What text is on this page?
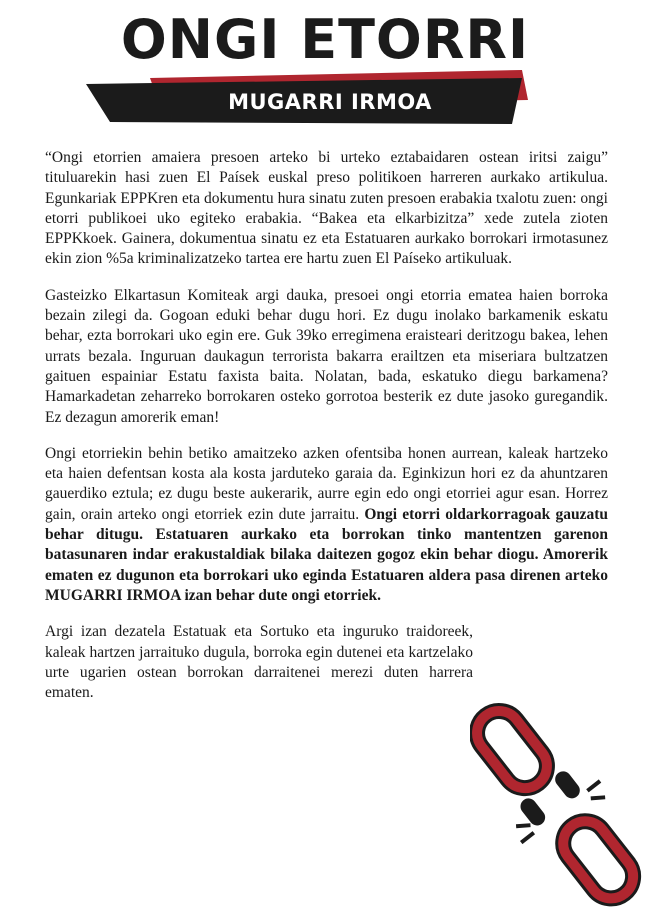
ONGI ETORRI
MUGARRI IRMOA

“Ongi etorrien amaiera presoen arteko bi urteko eztabaidaren ostean iritsi zaigu” tituluarekin hasi zuen El Paísek euskal preso politikoen harreren aurkako artikulua. Egunkariak EPPKren eta dokumentu hura sinatu zuten presoen erabakia txalotu zuen: ongi etorri publikoei uko egiteko erabakia. “Bakea eta elkarbizitza” xede zutela zioten EPPKkoek. Gainera, dokumentua sinatu ez eta Estatuaren aurkako borrokari irmotasunez ekin zion %5a kriminalizatzeko tartea ere hartu zuen El Paíseko artikuluak.

Gasteizko Elkartasun Komiteak argi dauka, presoei ongi etorria ematea haien borroka bezain zilegi da. Gogoan eduki behar dugu hori. Ez dugu inolako barkamenik eskatu behar, ezta borrokari uko egin ere. Guk 39ko erregimena eraisteari deritzogu bakea, lehen urrats bezala. Inguruan daukagun terrorista bakarra erailtzen eta miseriara bultzatzen gaituen espainiar Estatu faxista baita. Nolatan, bada, eskatuko diegu barkamena? Hamarkadetan zeharreko borrokaren osteko gorrotoa besterik ez dute jasoko guregandik. Ez dezagun amorerik eman!

Ongi etorriekin behin betiko amaitzeko azken ofentsiba honen aurrean, kaleak hartzeko eta haien defentsan kosta ala kosta jarduteko garaia da. Eginkizun hori ez da ahuntzaren gauerdiko eztula; ez dugu beste aukerarik, aurre egin edo ongi etorriei agur esan. Horrez gain, orain arteko ongi etorriek ezin dute jarraitu. Ongi etorri oldarkorragoak gauzatu behar ditugu. Estatuaren aurkako eta borrokan tinko mantentzen garenon batasunaren indar erakustaldiak bilaka daitezen gogoz ekin behar diogu. Amorerik ematen ez dugunon eta borrokari uko eginda Estatuaren aldera pasa direnen arteko MUGARRI IRMOA izan behar dute ongi etorriek.

Argi izan dezatela Estatuak eta Sortuko eta inguruko traidoreek, kaleak hartzen jarraituko dugula, borroka egin dutenei eta kartzelako urte ugarien ostean borrokan darraitenei merezi duten harrera ematen.
